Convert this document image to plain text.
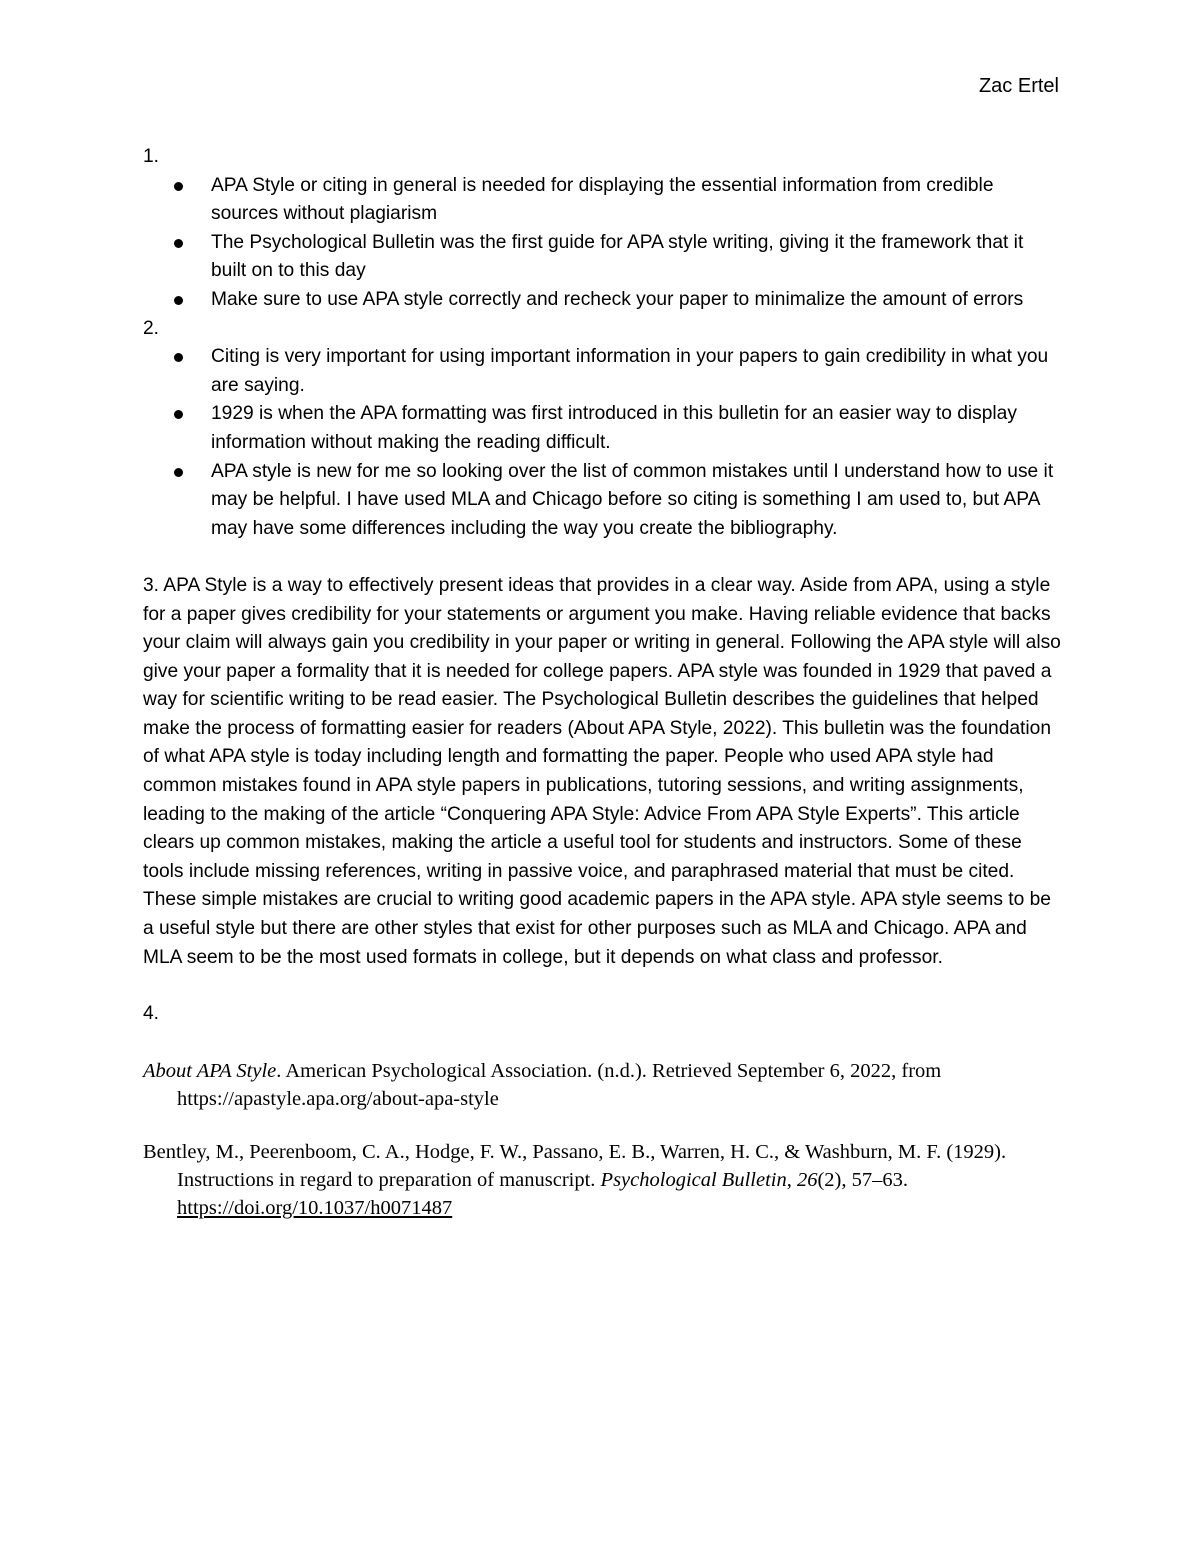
Zac Ertel

1.

APA Style or citing in general is needed for displaying the essential information from credible sources without plagiarism
The Psychological Bulletin was the first guide for APA style writing, giving it the framework that it built on to this day
Make sure to use APA style correctly and recheck your paper to minimalize the amount of errors

2.

Citing is very important for using important information in your papers to gain credibility in what you are saying.
1929 is when the APA formatting was first introduced in this bulletin for an easier way to display information without making the reading difficult.
APA style is new for me so looking over the list of common mistakes until I understand how to use it may be helpful. I have used MLA and Chicago before so citing is something I am used to, but APA may have some differences including the way you create the bibliography.

3. APA Style is a way to effectively present ideas that provides in a clear way. Aside from APA, using a style for a paper gives credibility for your statements or argument you make. Having reliable evidence that backs your claim will always gain you credibility in your paper or writing in general. Following the APA style will also give your paper a formality that it is needed for college papers. APA style was founded in 1929 that paved a way for scientific writing to be read easier. The Psychological Bulletin describes the guidelines that helped make the process of formatting easier for readers (About APA Style, 2022). This bulletin was the foundation of what APA style is today including length and formatting the paper. People who used APA style had common mistakes found in APA style papers in publications, tutoring sessions, and writing assignments, leading to the making of the article “Conquering APA Style: Advice From APA Style Experts”. This article clears up common mistakes, making the article a useful tool for students and instructors. Some of these tools include missing references, writing in passive voice, and paraphrased material that must be cited. These simple mistakes are crucial to writing good academic papers in the APA style. APA style seems to be a useful style but there are other styles that exist for other purposes such as MLA and Chicago. APA and MLA seem to be the most used formats in college, but it depends on what class and professor.

4.

About APA Style. American Psychological Association. (n.d.). Retrieved September 6, 2022, from https://apastyle.apa.org/about-apa-style

Bentley, M., Peerenboom, C. A., Hodge, F. W., Passano, E. B., Warren, H. C., & Washburn, M. F. (1929). Instructions in regard to preparation of manuscript. Psychological Bulletin, 26(2), 57–63. https://doi.org/10.1037/h0071487
